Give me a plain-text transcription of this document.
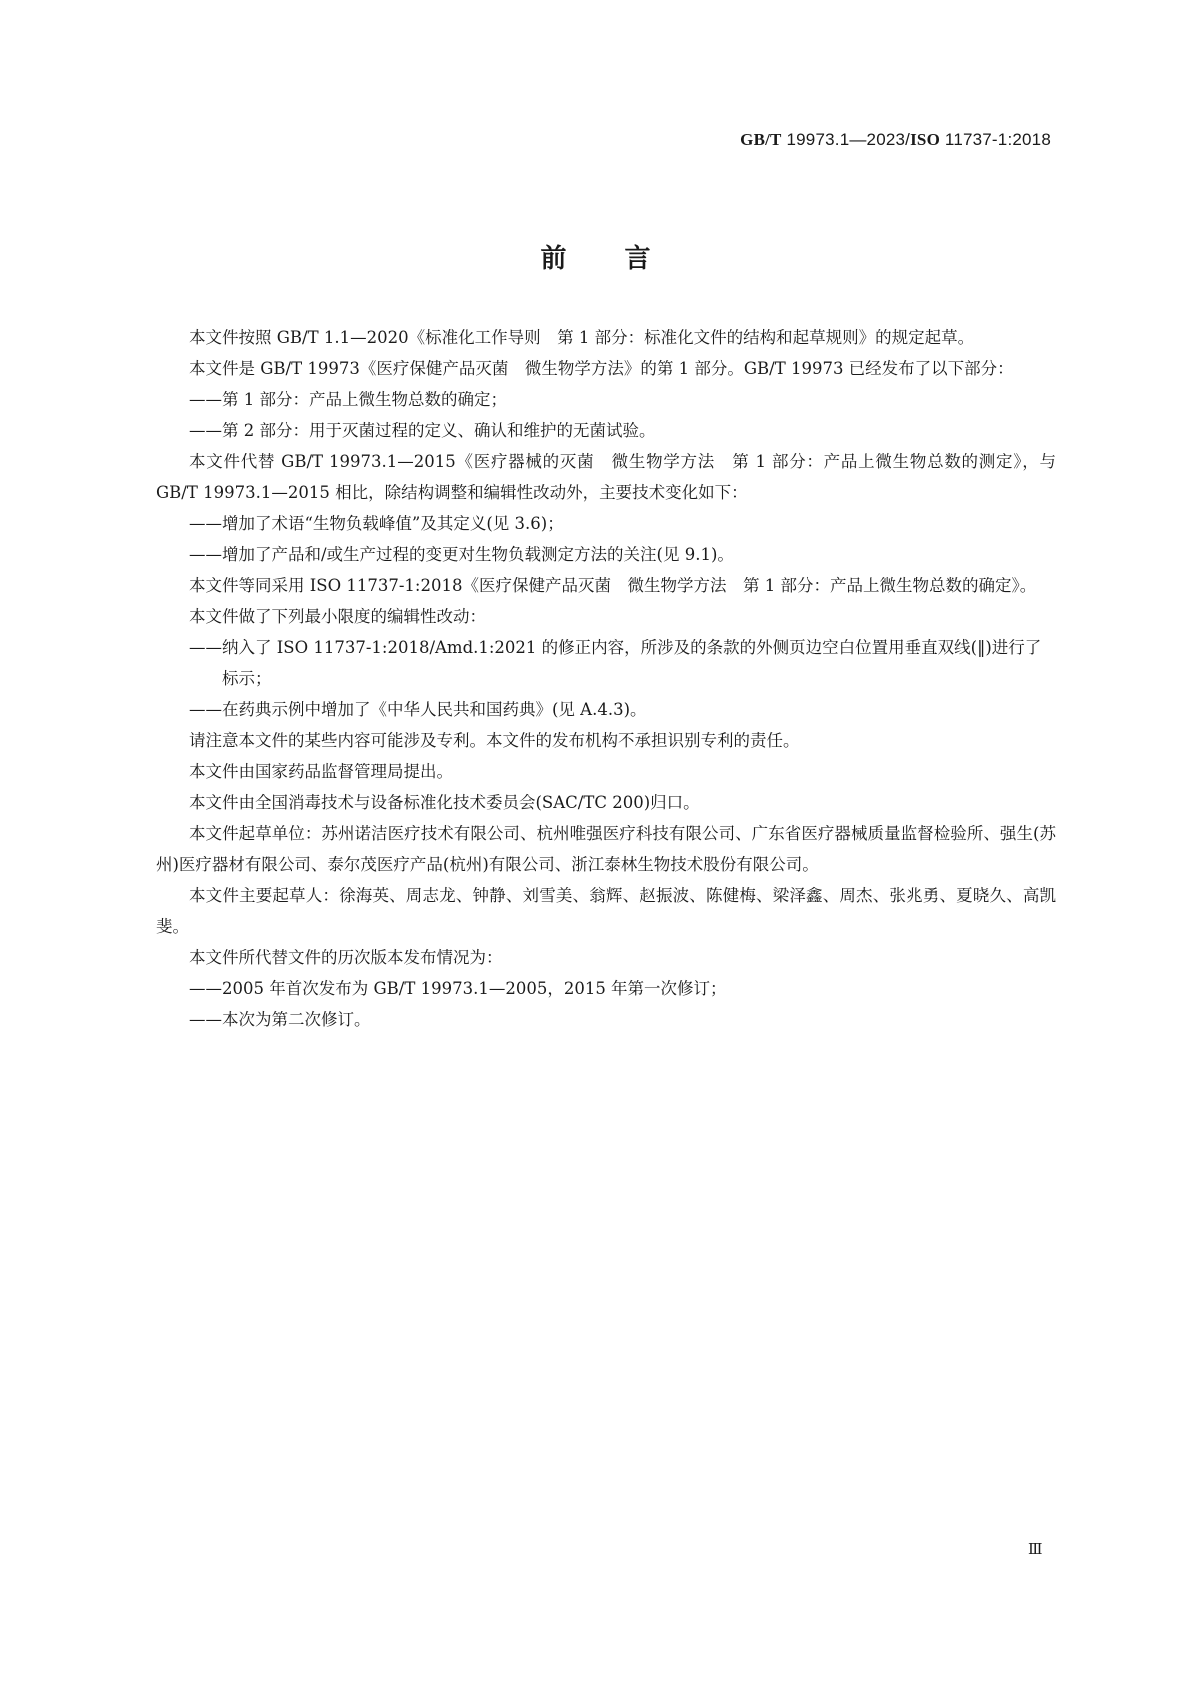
GB/T 19973.1—2023/ISO 11737-1:2018
前 言

本文件按照 GB/T 1.1—2020《标准化工作导则　第 1 部分：标准化文件的结构和起草规则》的规定起草。

本文件是 GB/T 19973《医疗保健产品灭菌　微生物学方法》的第 1 部分。GB/T 19973 已经发布了以下部分：

——第 1 部分：产品上微生物总数的确定；

——第 2 部分：用于灭菌过程的定义、确认和维护的无菌试验。

本文件代替 GB/T 19973.1—2015《医疗器械的灭菌　微生物学方法　第 1 部分：产品上微生物总数的测定》，与 GB/T 19973.1—2015 相比，除结构调整和编辑性改动外，主要技术变化如下：

——增加了术语“生物负载峰值”及其定义(见 3.6)；

——增加了产品和/或生产过程的变更对生物负载测定方法的关注(见 9.1)。

本文件等同采用 ISO 11737-1:2018《医疗保健产品灭菌　微生物学方法　第 1 部分：产品上微生物总数的确定》。

本文件做了下列最小限度的编辑性改动：

——纳入了 ISO 11737-1:2018/Amd.1:2021 的修正内容，所涉及的条款的外侧页边空白位置用垂直双线(‖)进行了标示；

——在药典示例中增加了《中华人民共和国药典》(见 A.4.3)。

请注意本文件的某些内容可能涉及专利。本文件的发布机构不承担识别专利的责任。

本文件由国家药品监督管理局提出。

本文件由全国消毒技术与设备标准化技术委员会(SAC/TC 200)归口。

本文件起草单位：苏州诺洁医疗技术有限公司、杭州唯强医疗科技有限公司、广东省医疗器械质量监督检验所、强生(苏州)医疗器材有限公司、泰尔茂医疗产品(杭州)有限公司、浙江泰林生物技术股份有限公司。

本文件主要起草人：徐海英、周志龙、钟静、刘雪美、翁辉、赵振波、陈健梅、梁泽鑫、周杰、张兆勇、夏晓久、高凯斐。

本文件所代替文件的历次版本发布情况为：

——2005 年首次发布为 GB/T 19973.1—2005，2015 年第一次修订；

——本次为第二次修订。

Ⅲ
